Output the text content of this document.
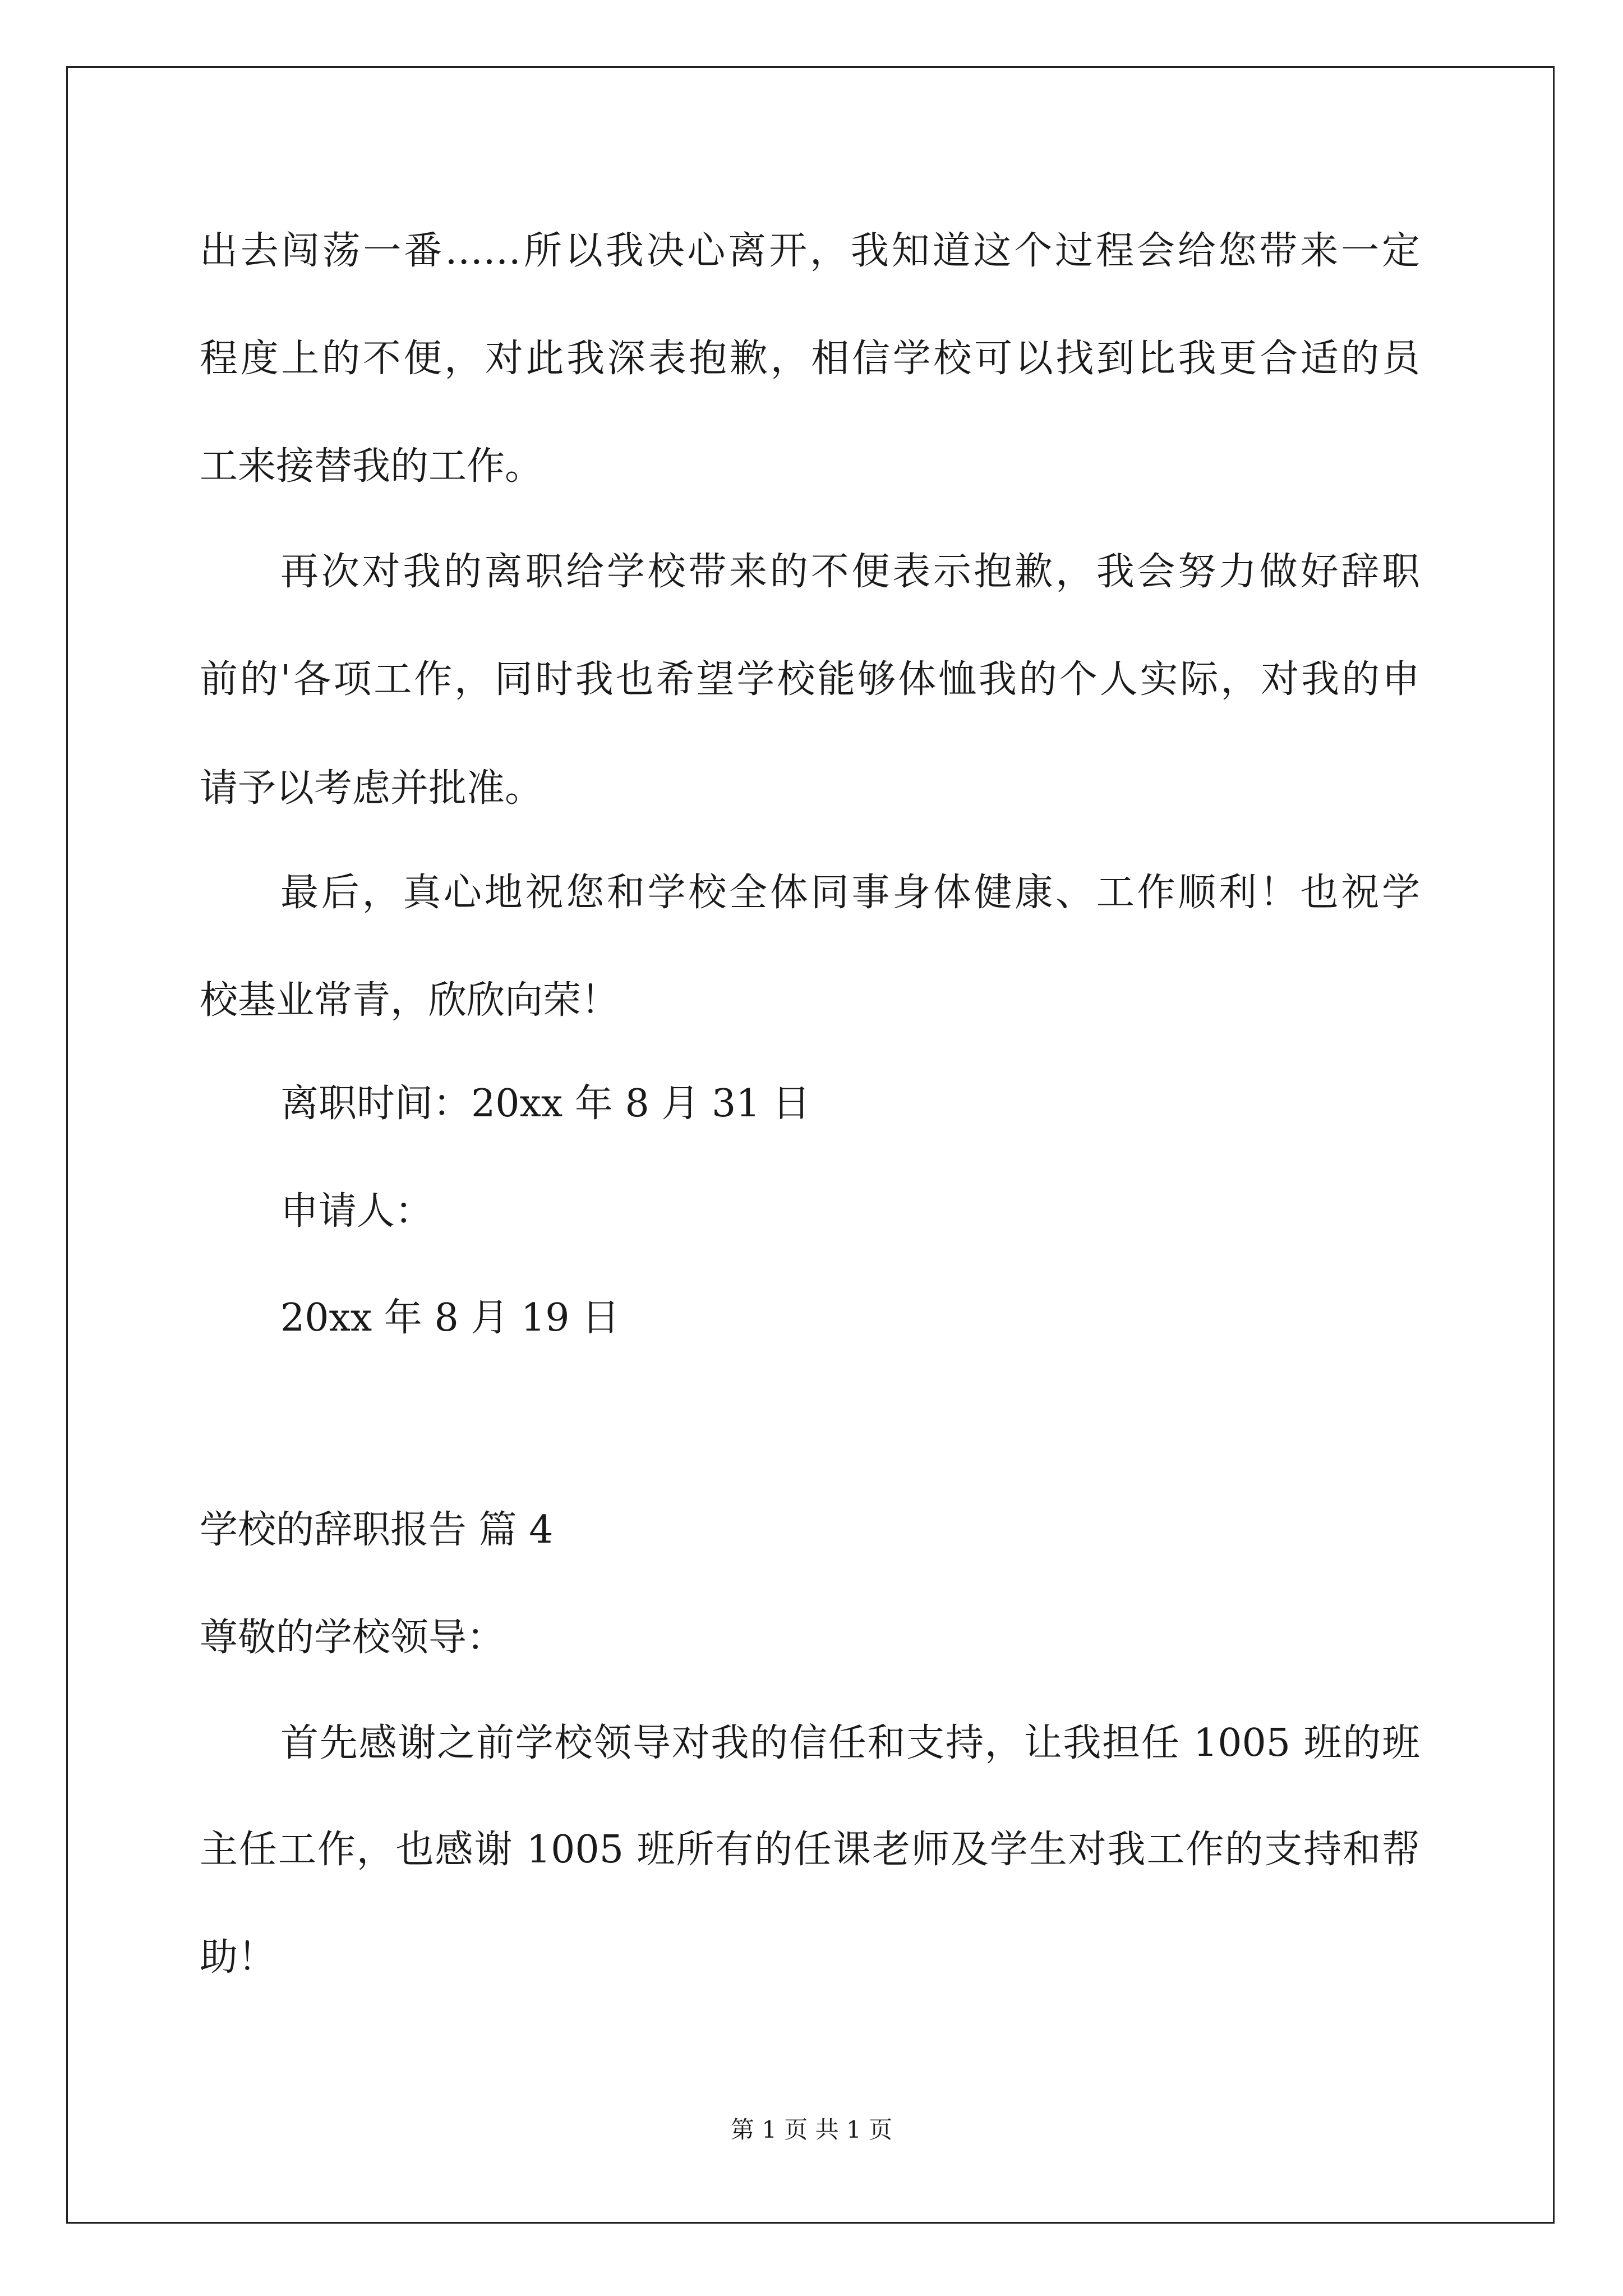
出去闯荡一番……所以我决心离开，我知道这个过程会给您带来一定
程度上的不便，对此我深表抱歉，相信学校可以找到比我更合适的员
工来接替我的工作。
再次对我的离职给学校带来的不便表示抱歉，我会努力做好辞职
前的'各项工作，同时我也希望学校能够体恤我的个人实际，对我的申
请予以考虑并批准。
最后，真心地祝您和学校全体同事身体健康、工作顺利！也祝学
校基业常青，欣欣向荣！
离职时间：20xx 年 8 月 31 日
申请人：
20xx 年 8 月 19 日
学校的辞职报告 篇 4
尊敬的学校领导：
首先感谢之前学校领导对我的信任和支持，让我担任 1005 班的班
主任工作，也感谢 1005 班所有的任课老师及学生对我工作的支持和帮
助！
第 1 页 共 1 页
